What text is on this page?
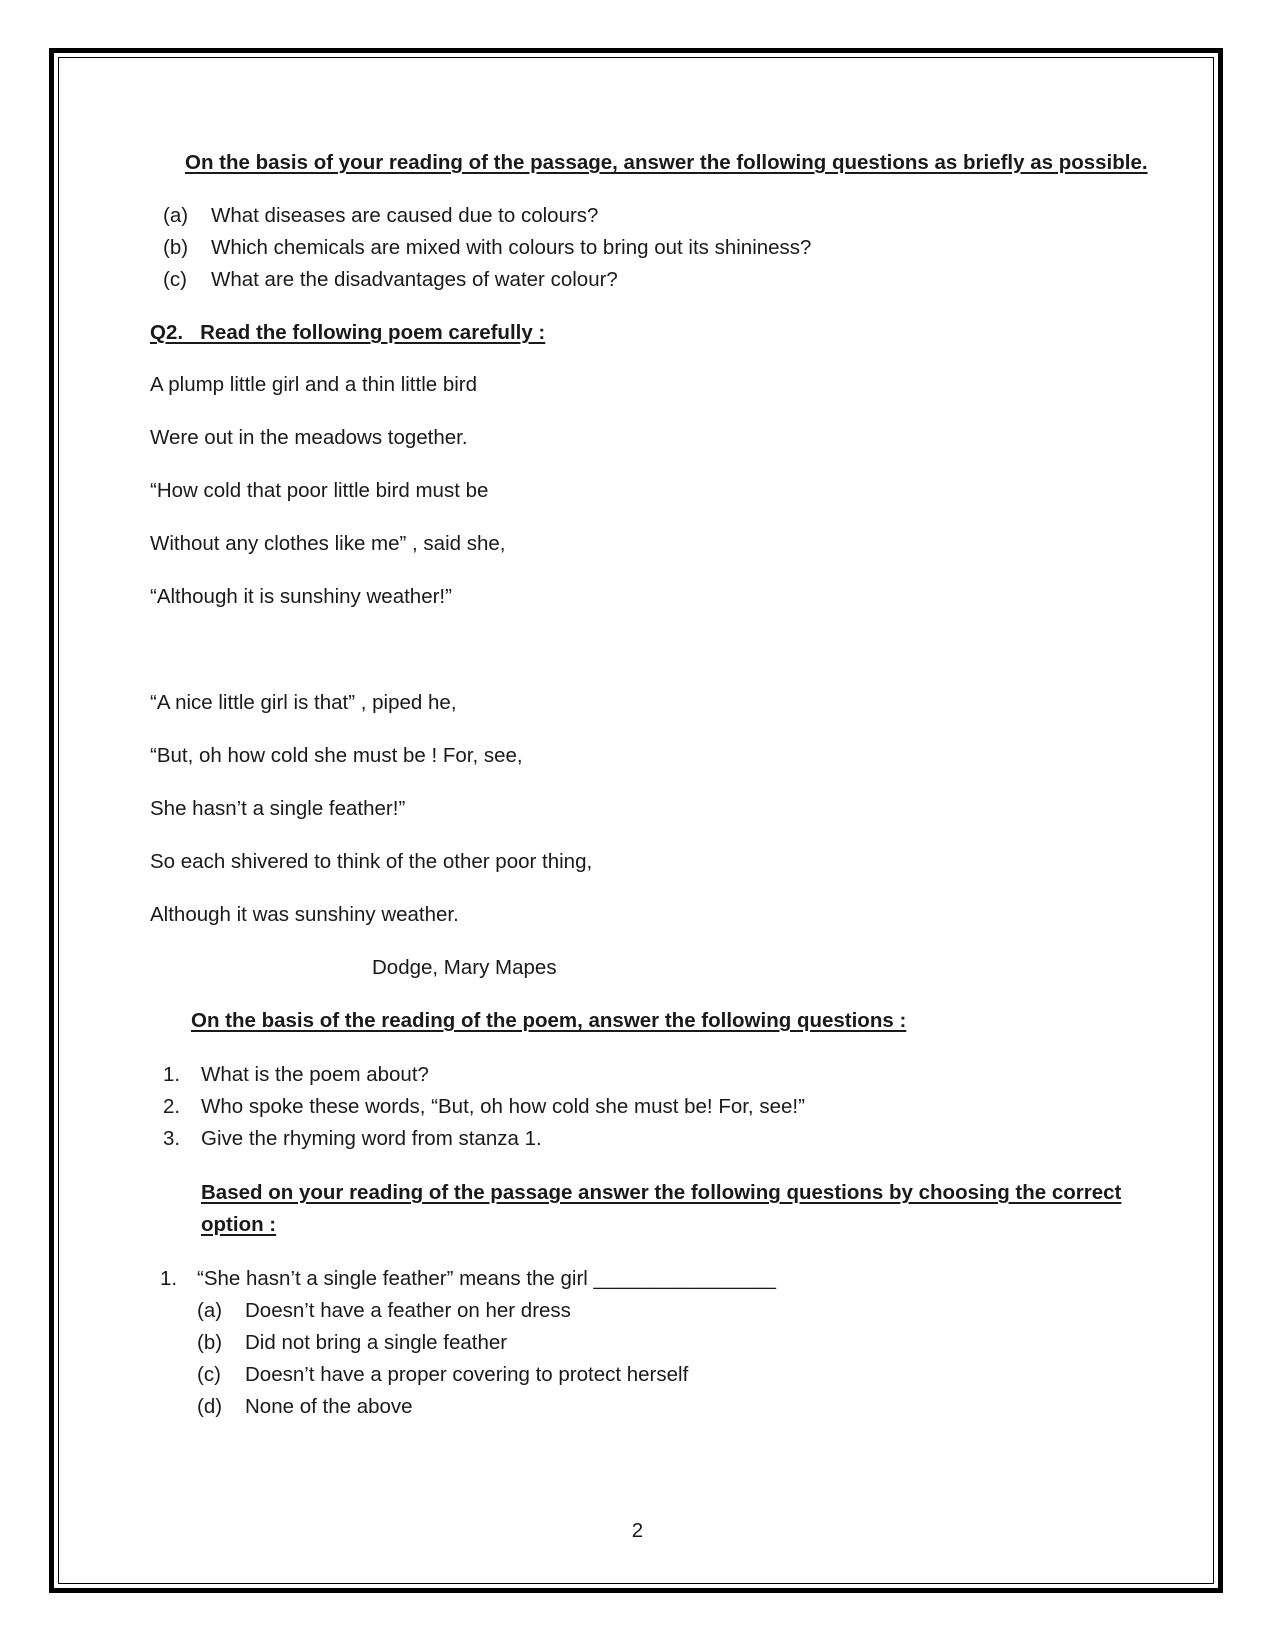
On the basis of your reading of the passage, answer the following questions as briefly as possible.
(a) What diseases are caused due to colours?
(b) Which chemicals are mixed with colours to bring out its shininess?
(c) What are the disadvantages of water colour?
Q2.   Read the following poem carefully :
A plump little girl and a thin little bird
Were out in the meadows together.
“How cold that poor little bird must be
Without any clothes like me” , said she,
“Although it is sunshiny weather!”
“A nice little girl is that” , piped he,
“But, oh how cold she must be ! For, see,
She hasn’t a single feather!”
So each shivered to think of the other poor thing,
Although it was sunshiny weather.
Dodge, Mary Mapes
On the basis of the reading of the poem, answer the following questions :
1. What is the poem about?
2. Who spoke these words, “But, oh how cold she must be! For, see!”
3. Give the rhyming word from stanza 1.
Based on your reading of the passage answer the following questions by choosing the correct
option :
1. “She hasn’t a single feather” means the girl ________________
(a) Doesn’t have a feather on her dress
(b) Did not bring a single feather
(c) Doesn’t have a proper covering to protect herself
(d) None of the above
2
